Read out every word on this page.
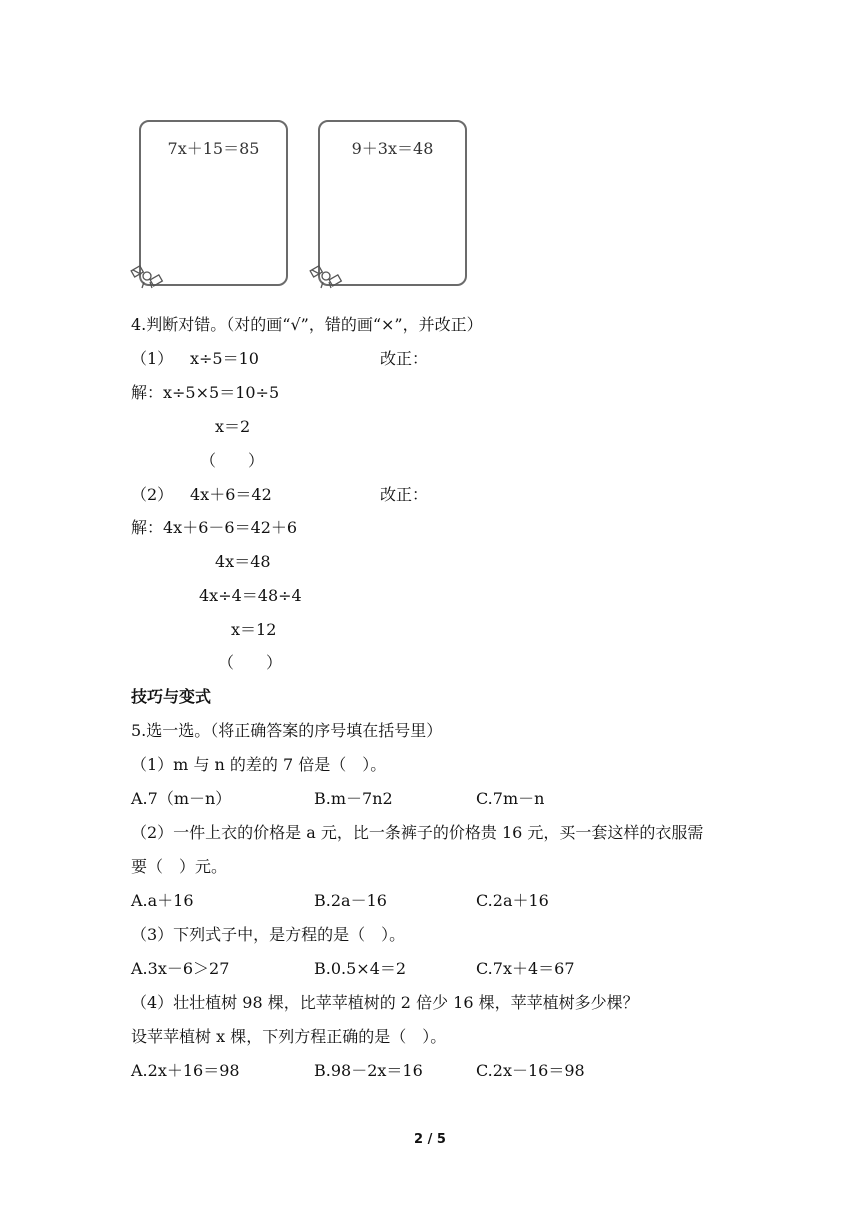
7x＋15＝85	9＋3x＝48
4.判断对错。（对的画“√”，错的画“×”，并改正）
（1） x÷5＝10	改正：
解：x÷5×5＝10÷5
x＝2
（　　）
（2） 4x＋6＝42	改正：
解：4x＋6－6＝42＋6
4x＝48
4x÷4＝48÷4
x＝12
（　　）
技巧与变式
5.选一选。（将正确答案的序号填在括号里）
（1）m 与 n 的差的 7 倍是（　）。
A.7（m－n）	B.m－7n2	C.7m－n
（2）一件上衣的价格是 a 元，比一条裤子的价格贵 16 元，买一套这样的衣服需
要（　）元。
A.a＋16	B.2a－16	C.2a＋16
（3）下列式子中，是方程的是（　）。
A.3x－6＞27	B.0.5×4＝2	C.7x＋4＝67
（4）壮壮植树 98 棵，比苹苹植树的 2 倍少 16 棵，苹苹植树多少棵？
设苹苹植树 x 棵，下列方程正确的是（　）。
A.2x＋16＝98	B.98－2x＝16	C.2x－16＝98
2 / 5
